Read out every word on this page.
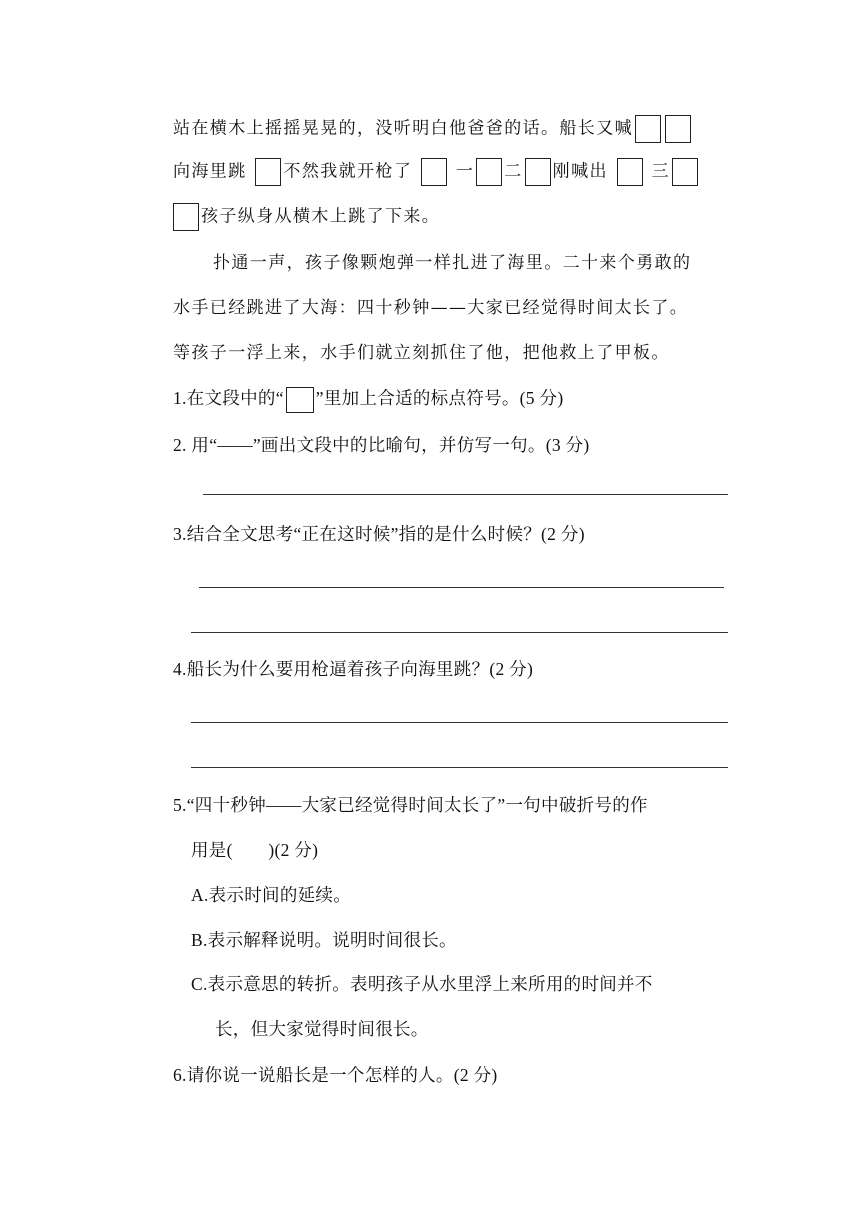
站在横木上摇摇晃晃的，没听明白他爸爸的话。船长又喊
向海里跳 不然我就开枪了	一 二 刚喊出	三
孩子纵身从横木上跳了下来。
扑通一声，孩子像颗炮弹一样扎进了海里。二十来个勇敢的
水手已经跳进了大海：四十秒钟——大家已经觉得时间太长了。
等孩子一浮上来，水手们就立刻抓住了他，把他救上了甲板。
1.在文段中的“ ”里加上合适的标点符号。(5 分)
2. 用“——”画出文段中的比喻句，并仿写一句。(3 分)
3.结合全文思考“正在这时候”指的是什么时候？(2 分)
4.船长为什么要用枪逼着孩子向海里跳？(2 分)
5.“四十秒钟——大家已经觉得时间太长了”一句中破折号的作
用是(　　)(2 分)
A.表示时间的延续。
B.表示解释说明。说明时间很长。
C.表示意思的转折。表明孩子从水里浮上来所用的时间并不
长，但大家觉得时间很长。
6.请你说一说船长是一个怎样的人。(2 分)
